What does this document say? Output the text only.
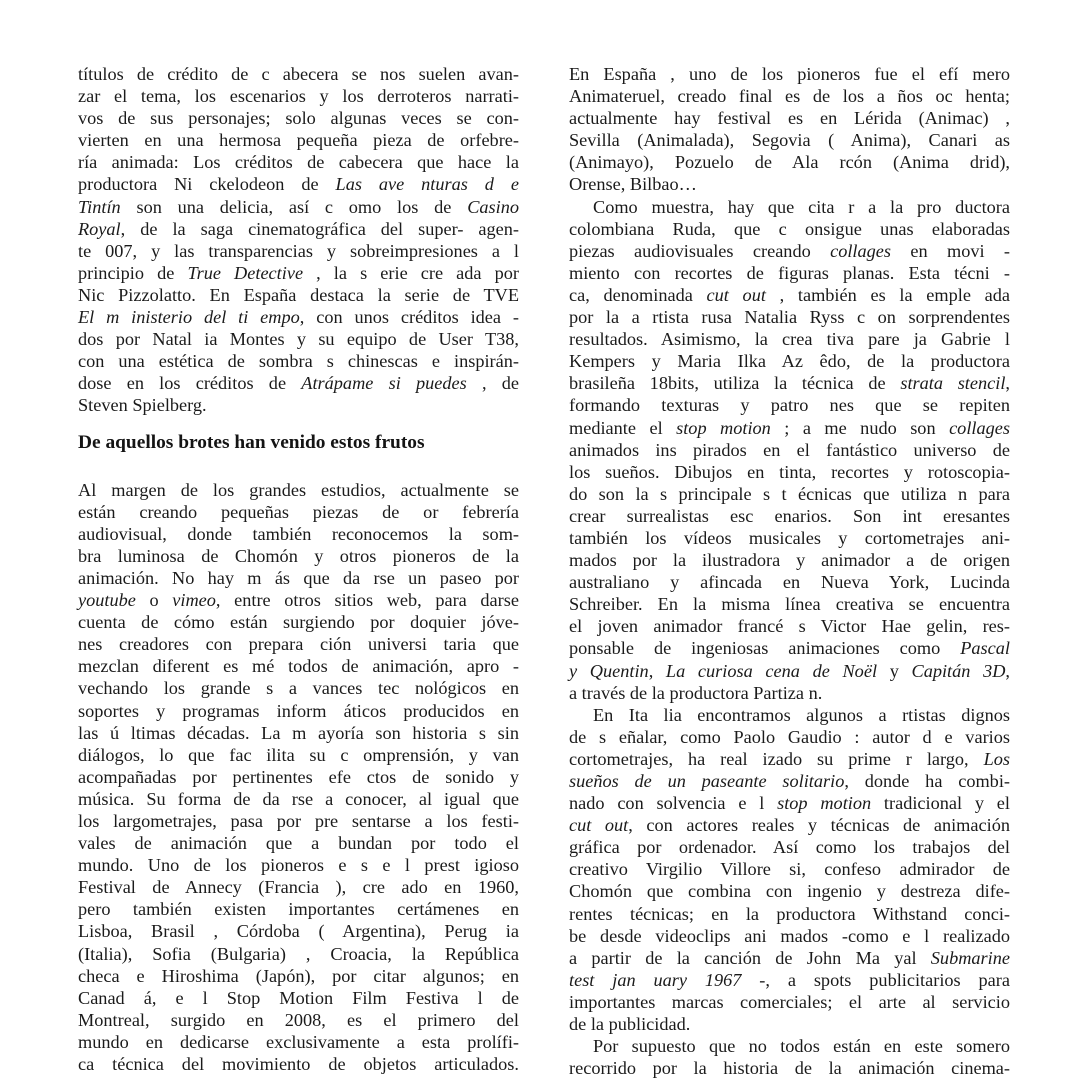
títulos de crédito de c abecera se nos suelen avan-
zar el tema, los escenarios y los derroteros narrati-
vos de sus personajes; solo algunas veces se con-
vierten en una hermosa pequeña pieza de orfebre-
ría animada: Los créditos de cabecera que hace la
productora Ni ckelodeon de Las ave nturas d e
Tintín son una delicia, así c omo los de Casino
Royal, de la saga cinematográfica del super- agen-
te 007, y las transparencias y sobreimpresiones a l
principio de True Detective , la s erie cre ada por
Nic Pizzolatto. En España destaca la serie de TVE
El m inisterio del ti empo, con unos créditos idea -
dos por Natal ia Montes y su equipo de User T38,
con una estética de sombra s chinescas e inspirán-
dose en los créditos de Atrápame si puedes , de
Steven Spielberg.
De aquellos brotes han venido estos frutos
Al margen de los grandes estudios, actualmente se
están creando pequeñas piezas de or febrería
audiovisual, donde también reconocemos la som-
bra luminosa de Chomón y otros pioneros de la
animación. No hay m ás que da rse un paseo por
youtube o vimeo, entre otros sitios web, para darse
cuenta de cómo están surgiendo por doquier jóve-
nes creadores con prepara ción universi taria que
mezclan diferent es mé todos de animación, apro -
vechando los grande s a vances tec nológicos en
soportes y programas inform áticos producidos en
las ú ltimas décadas. La m ayoría son historia s sin
diálogos, lo que fac ilita su c omprensión, y van
acompañadas por pertinentes efe ctos de sonido y
música. Su forma de da rse a conocer, al igual que
los largometrajes, pasa por pre sentarse a los festi-
vales de animación que a bundan por todo el
mundo. Uno de los pioneros e s e l prest igioso
Festival de Annecy (Francia ), cre ado en 1960,
pero también existen importantes certámenes en
Lisboa, Brasil , Córdoba ( Argentina), Perug ia
(Italia), Sofia (Bulgaria) , Croacia, la República
checa e Hiroshima (Japón), por citar algunos; en
Canad á, e l Stop Motion Film Festiva l de
Montreal, surgido en 2008, es el primero del
mundo en dedicarse exclusivamente a esta prolífi-
ca técnica del movimiento de objetos articulados.
En España , uno de los pioneros fue el efí mero
Animateruel, creado final es de los a ños oc henta;
actualmente hay festival es en Lérida (Animac) ,
Sevilla (Animalada), Segovia ( Anima), Canari as
(Animayo), Pozuelo de Ala rcón (Anima drid),
Orense, Bilbao…
Como muestra, hay que cita r a la pro ductora
colombiana Ruda, que c onsigue unas elaboradas
piezas audiovisuales creando collages en movi -
miento con recortes de figuras planas. Esta técni -
ca, denominada cut out , también es la emple ada
por la a rtista rusa Natalia Ryss c on sorprendentes
resultados. Asimismo, la crea tiva pare ja Gabrie l
Kempers y Maria Ilka Az êdo, de la productora
brasileña 18bits, utiliza la técnica de strata stencil,
formando texturas y patro nes que se repiten
mediante el stop motion ; a me nudo son collages
animados ins pirados en el fantástico universo de
los sueños. Dibujos en tinta, recortes y rotoscopia-
do son la s principale s t écnicas que utiliza n para
crear surrealistas esc enarios. Son int eresantes
también los vídeos musicales y cortometrajes ani-
mados por la ilustradora y animador a de origen
australiano y afincada en Nueva York, Lucinda
Schreiber. En la misma línea creativa se encuentra
el joven animador francé s Victor Hae gelin, res-
ponsable de ingeniosas animaciones como Pascal
y Quentin, La curiosa cena de Noël y Capitán 3D,
a través de la productora Partiza n.
En Ita lia encontramos algunos a rtistas dignos
de s eñalar, como Paolo Gaudio : autor d e varios
cortometrajes, ha real izado su prime r largo, Los
sueños de un paseante solitario, donde ha combi-
nado con solvencia e l stop motion tradicional y el
cut out, con actores reales y técnicas de animación
gráfica por ordenador. Así como los trabajos del
creativo Virgilio Villore si, confeso admirador de
Chomón que combina con ingenio y destreza dife-
rentes técnicas; en la productora Withstand conci-
be desde videoclips ani mados -como e l realizado
a partir de la canción de John Ma yal Submarine
test jan uary 1967 -, a spots publicitarios para
importantes marcas comerciales; el arte al servicio
de la publicidad.
Por supuesto que no todos están en este somero
recorrido por la historia de la animación cinema-
